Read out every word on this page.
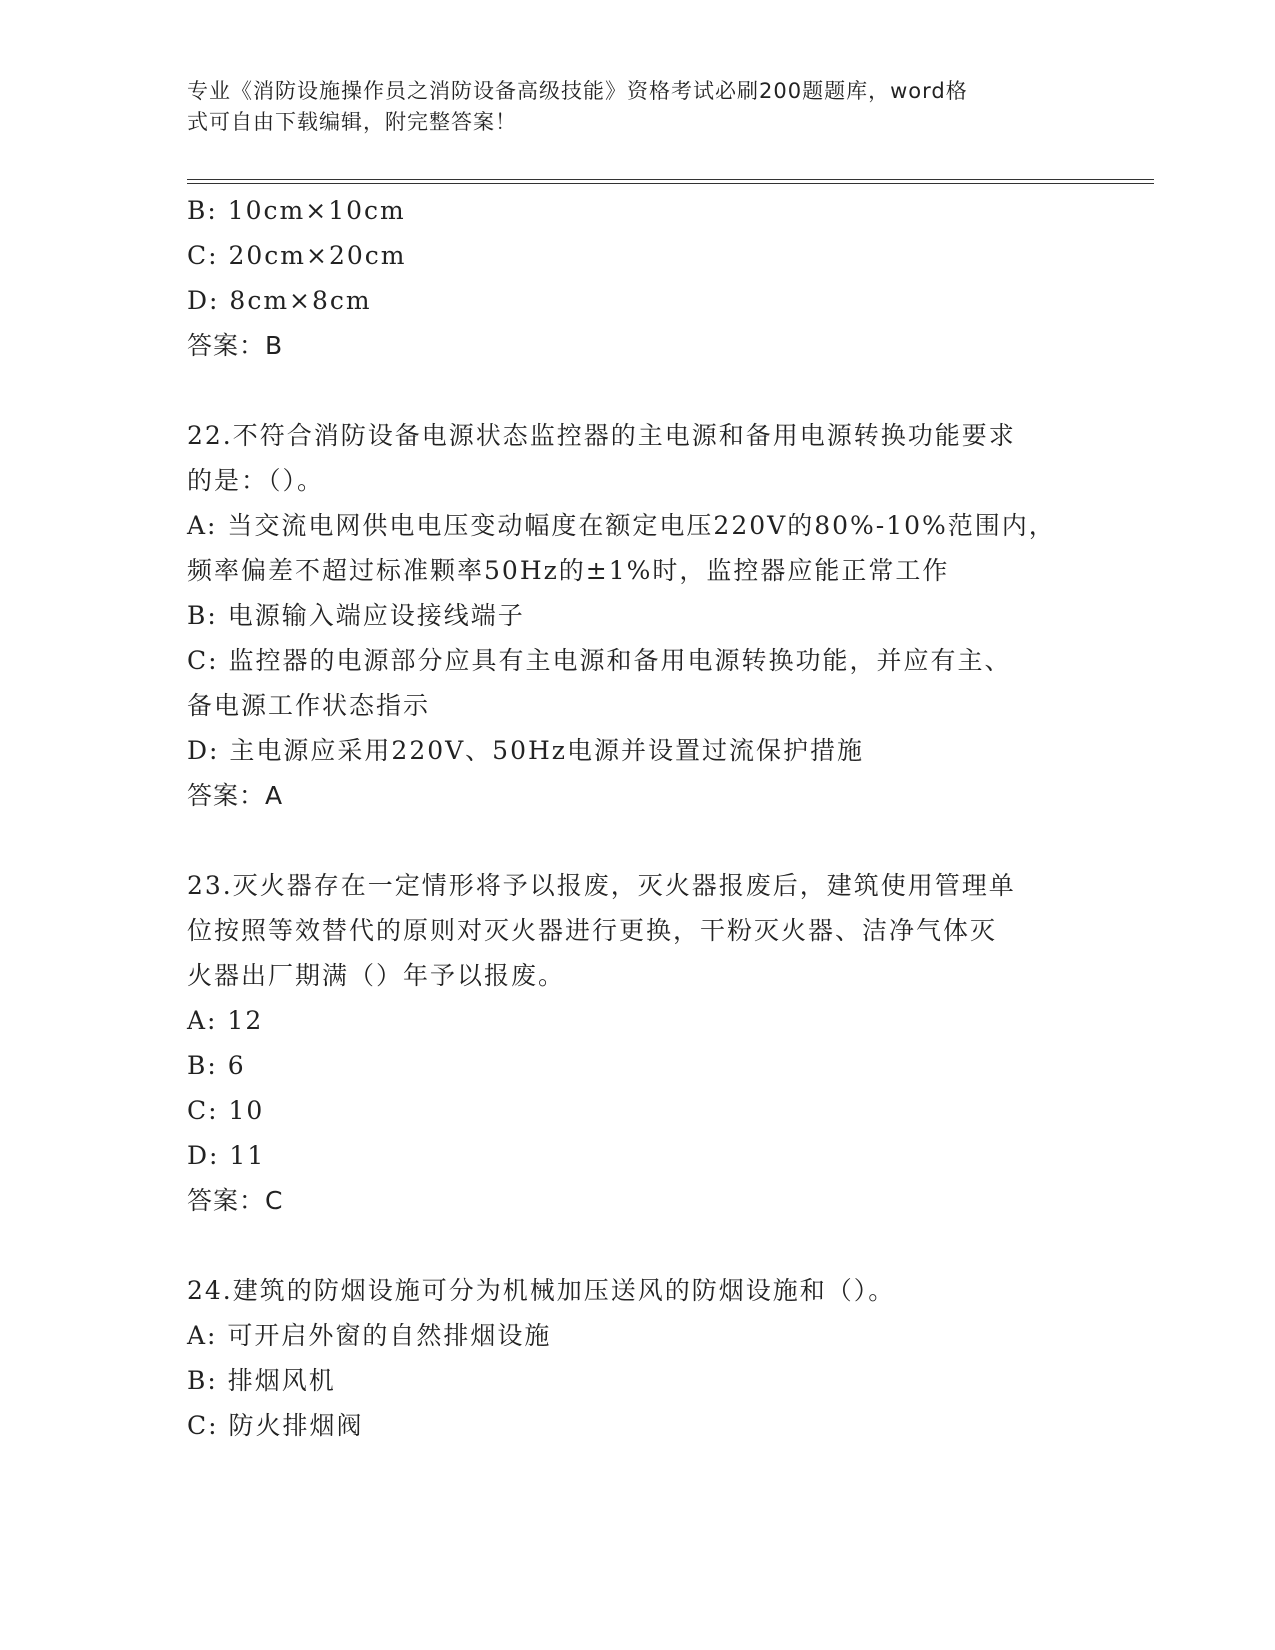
专业《消防设施操作员之消防设备高级技能》资格考试必刷200题题库，word格
式可自由下载编辑，附完整答案！
B: 10cm×10cm
C: 20cm×20cm
D: 8cm×8cm
答案：B
22.不符合消防设备电源状态监控器的主电源和备用电源转换功能要求
的是：（）。
A: 当交流电网供电电压变动幅度在额定电压220V的80%-10%范围内，
频率偏差不超过标准颗率50Hz的±1%时，监控器应能正常工作
B: 电源输入端应设接线端子
C: 监控器的电源部分应具有主电源和备用电源转换功能，并应有主、
备电源工作状态指示
D: 主电源应采用220V、50Hz电源并设置过流保护措施
答案：A
23.灭火器存在一定情形将予以报废，灭火器报废后，建筑使用管理单
位按照等效替代的原则对灭火器进行更换，干粉灭火器、洁净气体灭
火器出厂期满（）年予以报废。
A: 12
B: 6
C: 10
D: 11
答案：C
24.建筑的防烟设施可分为机械加压送风的防烟设施和（）。
A: 可开启外窗的自然排烟设施
B: 排烟风机
C: 防火排烟阀
